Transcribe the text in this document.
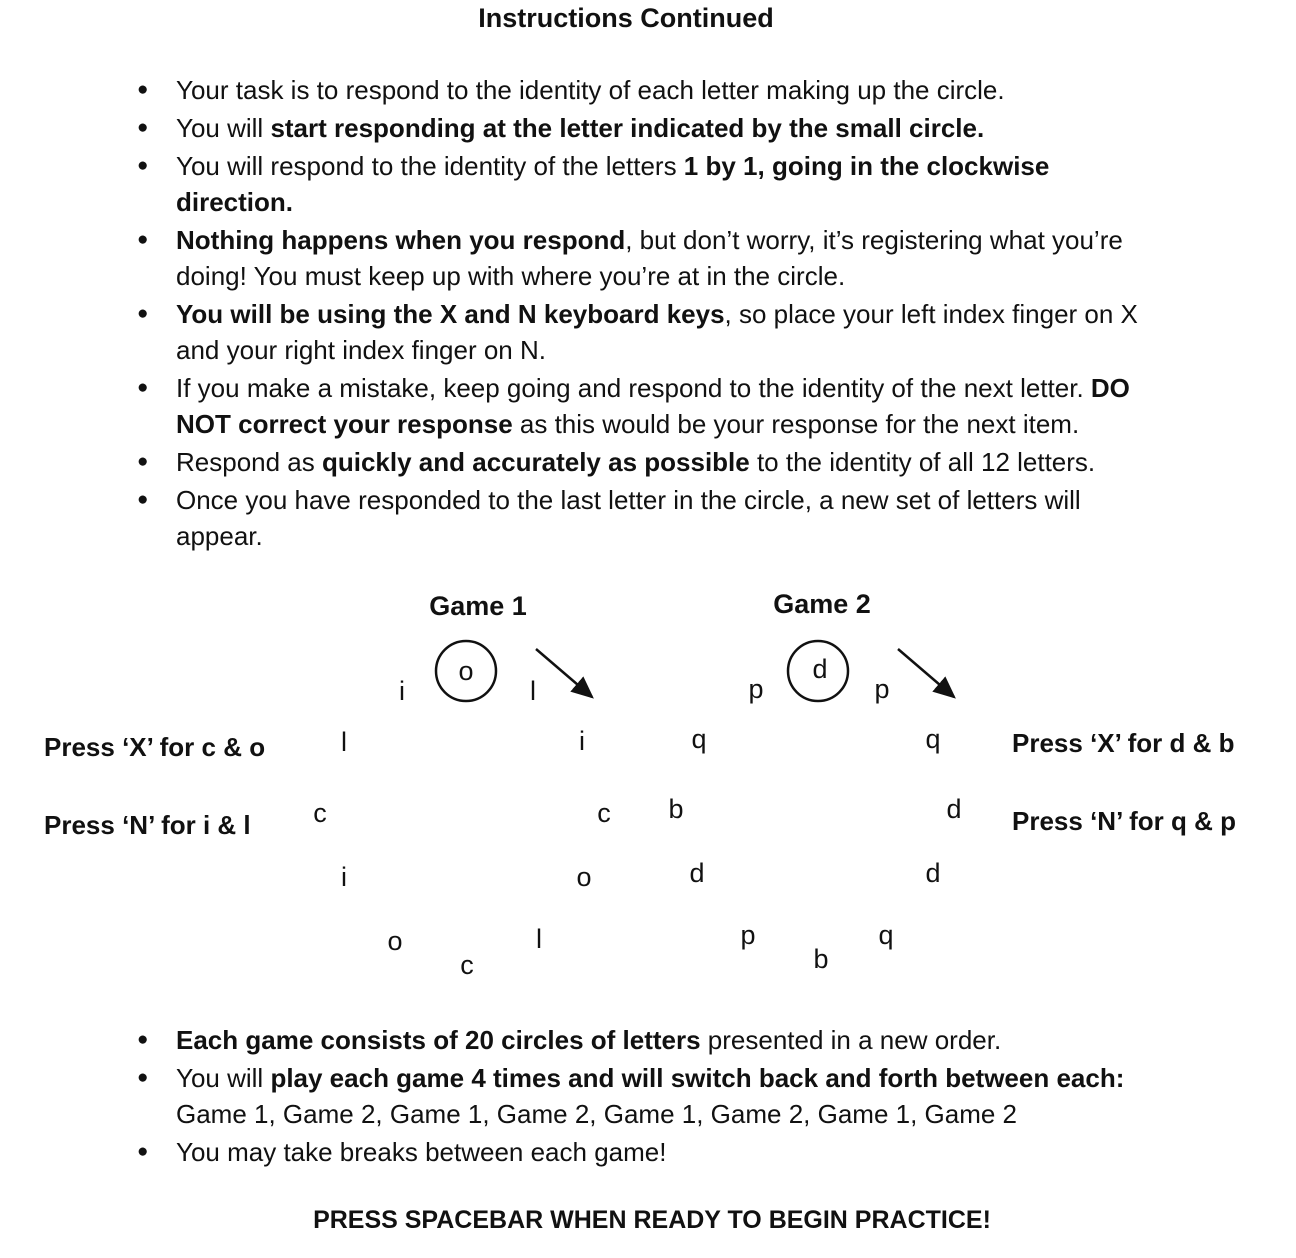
Instructions Continued
● Your task is to respond to the identity of each letter making up the circle.
● You will start responding at the letter indicated by the small circle.
● You will respond to the identity of the letters 1 by 1, going in the clockwise direction.
● Nothing happens when you respond, but don’t worry, it’s registering what you’re doing! You must keep up with where you’re at in the circle.
● You will be using the X and N keyboard keys, so place your left index finger on X and your right index finger on N.
● If you make a mistake, keep going and respond to the identity of the next letter. DO NOT correct your response as this would be your response for the next item.
● Respond as quickly and accurately as possible to the identity of all 12 letters.
● Once you have responded to the last letter in the circle, a new set of letters will appear.
Press ‘X’ for c & o
Press ‘N’ for i & l
Press ‘X’ for d & b
Press ‘N’ for q & p
Game 1
o
i	l
l	i
c	c
i	o
o	l
c
Game 2
d
p	p
q	q
b	d
d	d
b
p	q
● Each game consists of 20 circles of letters presented in a new order.
● You will play each game 4 times and will switch back and forth between each: Game 1, Game 2, Game 1, Game 2, Game 1, Game 2, Game 1, Game 2
● You may take breaks between each game!

PRESS SPACEBAR WHEN READY TO BEGIN PRACTICE!
